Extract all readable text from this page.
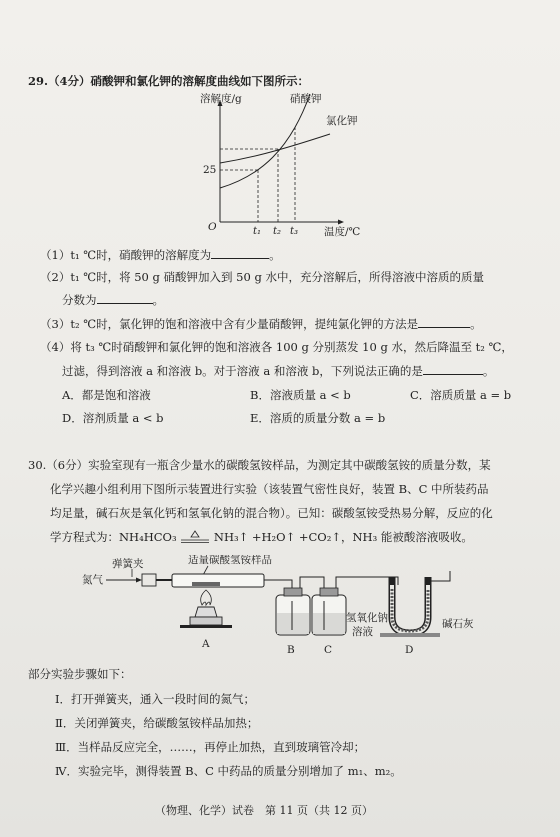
29.（4分）硝酸钾和氯化钾的溶解度曲线如下图所示：
溶解度/g
温度/℃
O
25
t₁ t₂ t₃
硝酸钾
氯化钾
（1）t₁ ℃时，硝酸钾的溶解度为	。
（2）t₁ ℃时，将 50 g 硝酸钾加入到 50 g 水中，充分溶解后，所得溶液中溶质的质量
分数为	。
（3）t₂ ℃时，氯化钾的饱和溶液中含有少量硝酸钾，提纯氯化钾的方法是	。
（4）将 t₃ ℃时硝酸钾和氯化钾的饱和溶液各 100 g 分别蒸发 10 g 水，然后降温至 t₂ ℃，
过滤，得到溶液 a 和溶液 b。对于溶液 a 和溶液 b，下列说法正确的是	。
A．都是饱和溶液	B．溶液质量 a < b	C．溶质质量 a = b
D．溶剂质量 a < b	E．溶质的质量分数 a = b
30.（6分）实验室现有一瓶含少量水的碳酸氢铵样品，为测定其中碳酸氢铵的质量分数，某
化学兴趣小组利用下图所示装置进行实验（该装置气密性良好，装置 B、C 中所装药品
均足量，碱石灰是氧化钙和氢氧化钠的混合物）。已知：碳酸氢铵受热易分解，反应的化
学方程式为：NH₄HCO₃	NH₃↑ +H₂O↑ +CO₂↑，NH₃ 能被酸溶液吸收。
氮气
弹簧夹	适量碳酸氢铵样品
A	B	C
氢氧化钠
溶液
碱石灰
D
部分实验步骤如下：
Ⅰ．打开弹簧夹，通入一段时间的氮气；
Ⅱ．关闭弹簧夹，给碳酸氢铵样品加热；
Ⅲ．当样品反应完全，……，再停止加热，直到玻璃管冷却；
Ⅳ．实验完毕，测得装置 B、C 中药品的质量分别增加了 m₁、m₂。
（物理、化学）试卷　第 11 页（共 12 页）
